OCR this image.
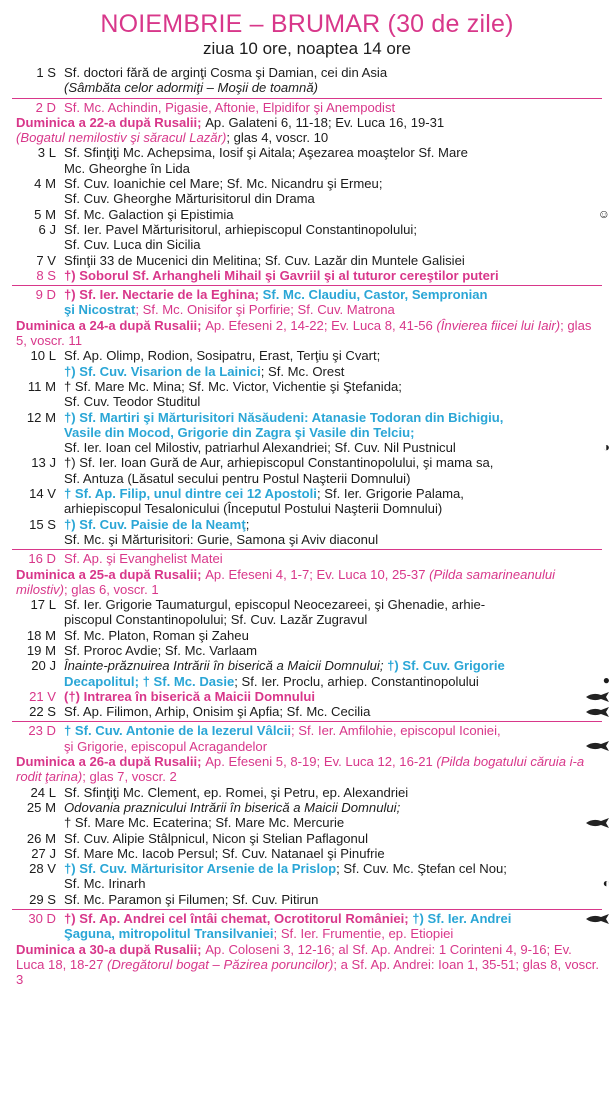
NOIEMBRIE – BRUMAR (30 de zile)
ziua 10 ore, noaptea 14 ore
1 S Sf. doctori fără de arginţi Cosma şi Damian, cei din Asia
(Sâmbăta celor adormiţi – Moşii de toamnă)
2 D Sf. Mc. Achindin, Pigasie, Aftonie, Elpidifor şi Anempodist
Duminica a 22-a după Rusalii; Ap. Galateni 6, 11-18; Ev. Luca 16, 19-31
(Bogatul nemilostiv şi săracul Lazăr); glas 4, voscr. 10
3 L Sf. Sfinţiţi Mc. Achepsima, Iosif şi Aitala; Aşezarea moaştelor Sf. Mare
Mc. Gheorghe în Lida
4 M Sf. Cuv. Ioanichie cel Mare; Sf. Mc. Nicandru şi Ermeu;
Sf. Cuv. Gheorghe Mărturisitorul din Drama
5 M Sf. Mc. Galaction şi Epistimia	☺
6 J Sf. Ier. Pavel Mărturisitorul, arhiepiscopul Constantinopolului;
Sf. Cuv. Luca din Sicilia
7 V Sfinţii 33 de Mucenici din Melitina; Sf. Cuv. Lazăr din Muntele Galisiei
8 S †) Soborul Sf. Arhangheli Mihail şi Gavriil şi al tuturor cereştilor puteri
9 D †) Sf. Ier. Nectarie de la Eghina; Sf. Mc. Claudiu, Castor, Sempronian
şi Nicostrat; Sf. Mc. Onisifor şi Porfirie; Sf. Cuv. Matrona
Duminica a 24-a după Rusalii; Ap. Efeseni 2, 14-22; Ev. Luca 8, 41-56 (Învierea fiicei lui Iair); glas 5, voscr. 11
10 L Sf. Ap. Olimp, Rodion, Sosipatru, Erast, Terţiu şi Cvart;
†) Sf. Cuv. Visarion de la Lainici; Sf. Mc. Orest
11 M † Sf. Mare Mc. Mina; Sf. Mc. Victor, Vichentie şi Ştefanida;
Sf. Cuv. Teodor Studitul
12 M †) Sf. Martiri şi Mărturisitori Năsăudeni: Atanasie Todoran din Bichigiu,
Vasile din Mocod, Grigorie din Zagra şi Vasile din Telciu;
Sf. Ier. Ioan cel Milostiv, patriarhul Alexandriei; Sf. Cuv. Nil Pustnicul	◑
13 J †) Sf. Ier. Ioan Gură de Aur, arhiepiscopul Constantinopolului, şi mama sa,
Sf. Antuza (Lăsatul secului pentru Postul Naşterii Domnului)
14 V † Sf. Ap. Filip, unul dintre cei 12 Apostoli; Sf. Ier. Grigorie Palama,
arhiepiscopul Tesalonicului (Începutul Postului Naşterii Domnului)
15 S †) Sf. Cuv. Paisie de la Neamţ;
Sf. Mc. şi Mărturisitori: Gurie, Samona şi Aviv diaconul
16 D Sf. Ap. şi Evanghelist Matei
Duminica a 25-a după Rusalii; Ap. Efeseni 4, 1-7; Ev. Luca 10, 25-37 (Pilda samarineanului milostiv); glas 6, voscr. 1
17 L Sf. Ier. Grigorie Taumaturgul, episcopul Neocezareei, şi Ghenadie, arhie-
piscopul Constantinopolului; Sf. Cuv. Lazăr Zugravul
18 M Sf. Mc. Platon, Roman şi Zaheu
19 M Sf. Proroc Avdie; Sf. Mc. Varlaam
20 J Înainte-prăznuirea Intrării în biserică a Maicii Domnului; †) Sf. Cuv. Grigorie
Decapolitul; † Sf. Mc. Dasie; Sf. Ier. Proclu, arhiep. Constantinopolului	●
21 V (†) Intrarea în biserică a Maicii Domnului
22 S Sf. Ap. Filimon, Arhip, Onisim şi Apfia; Sf. Mc. Cecilia
23 D † Sf. Cuv. Antonie de la Iezerul Vâlcii; Sf. Ier. Amfilohie, episcopul Iconiei,
şi Grigorie, episcopul Acragandelor
Duminica a 26-a după Rusalii; Ap. Efeseni 5, 8-19; Ev. Luca 12, 16-21 (Pilda bogatului căruia i-a rodit ţarina); glas 7, voscr. 2
24 L Sf. Sfinţiţi Mc. Clement, ep. Romei, şi Petru, ep. Alexandriei
25 M Odovania praznicului Intrării în biserică a Maicii Domnului;
† Sf. Mare Mc. Ecaterina; Sf. Mare Mc. Mercurie
26 M Sf. Cuv. Alipie Stâlpnicul, Nicon şi Stelian Paflagonul
27 J Sf. Mare Mc. Iacob Persul; Sf. Cuv. Natanael şi Pinufrie
28 V †) Sf. Cuv. Mărturisitor Arsenie de la Prislop; Sf. Cuv. Mc. Ştefan cel Nou;
Sf. Mc. Irinarh	◐
29 S Sf. Mc. Paramon şi Filumen; Sf. Cuv. Pitirun
30 D †) Sf. Ap. Andrei cel întâi chemat, Ocrotitorul României; †) Sf. Ier. Andrei
Şaguna, mitropolitul Transilvaniei; Sf. Ier. Frumentie, ep. Etiopiei
Duminica a 30-a după Rusalii; Ap. Coloseni 3, 12-16; al Sf. Ap. Andrei: 1 Corinteni 4, 9-16; Ev. Luca 18, 18-27 (Dregătorul bogat – Păzirea poruncilor); a Sf. Ap. Andrei: Ioan 1, 35-51; glas 8, voscr. 3
